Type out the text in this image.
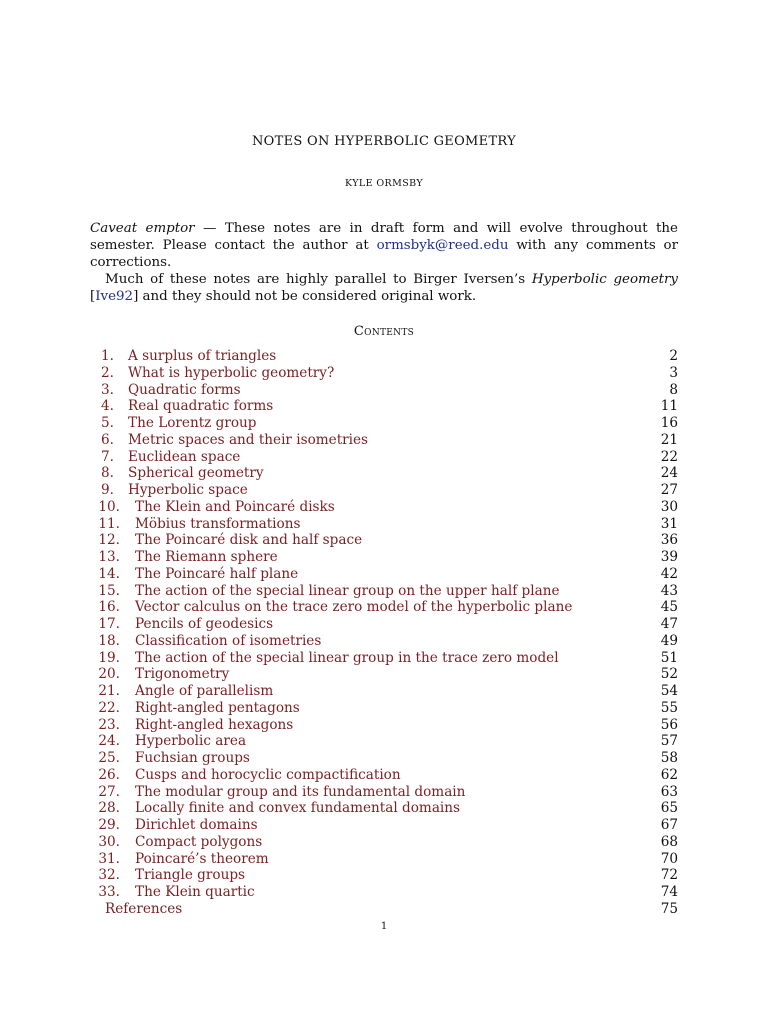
NOTES ON HYPERBOLIC GEOMETRY
KYLE ORMSBY

Caveat emptor — These notes are in draft form and will evolve throughout the semester. Please contact the author at ormsbyk@reed.edu with any comments or corrections.

Much of these notes are highly parallel to Birger Iversen’s Hyperbolic geometry [Ive92] and they should not be considered original work.

Contents
1. A surplus of triangles	2
2. What is hyperbolic geometry?	3
3. Quadratic forms	8
4. Real quadratic forms	11
5. The Lorentz group	16
6. Metric spaces and their isometries	21
7. Euclidean space	22
8. Spherical geometry	24
9. Hyperbolic space	27
10. The Klein and Poincaré disks	30
11. Möbius transformations	31
12. The Poincaré disk and half space	36
13. The Riemann sphere	39
14. The Poincaré half plane	42
15. The action of the special linear group on the upper half plane	43
16. Vector calculus on the trace zero model of the hyperbolic plane	45
17. Pencils of geodesics	47
18. Classification of isometries	49
19. The action of the special linear group in the trace zero model	51
20. Trigonometry	52
21. Angle of parallelism	54
22. Right-angled pentagons	55
23. Right-angled hexagons	56
24. Hyperbolic area	57
25. Fuchsian groups	58
26. Cusps and horocyclic compactification	62
27. The modular group and its fundamental domain	63
28. Locally finite and convex fundamental domains	65
29. Dirichlet domains	67
30. Compact polygons	68
31. Poincaré’s theorem	70
32. Triangle groups	72
33. The Klein quartic	74
References	75
1
